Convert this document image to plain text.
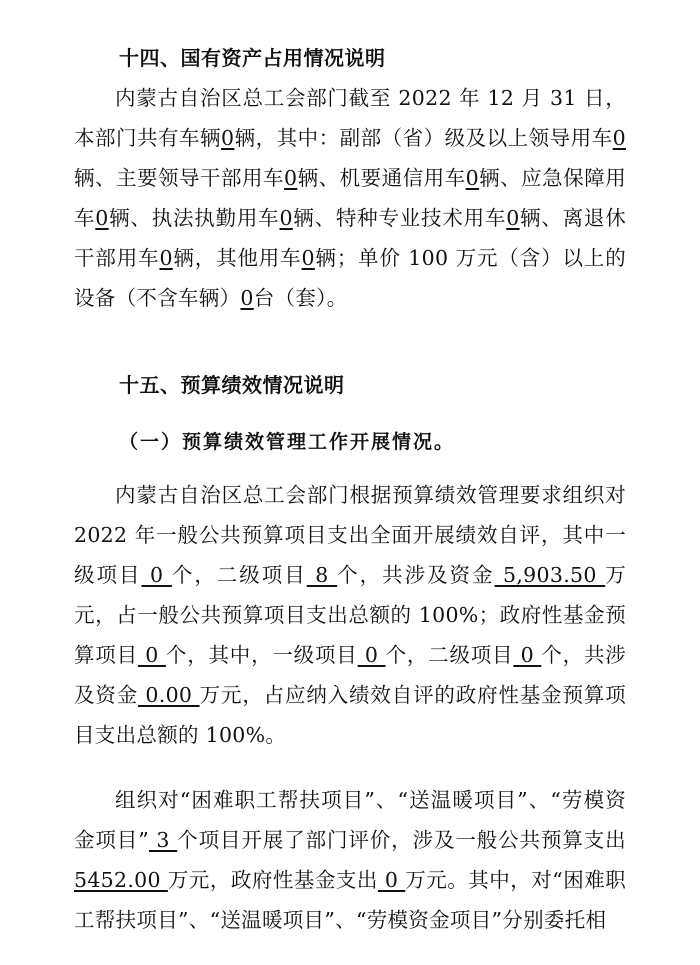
十四、国有资产占用情况说明

内蒙古自治区总工会部门截至 2022 年 12 月 31 日，本部门共有车辆0辆，其中：副部（省）级及以上领导用车0辆、主要领导干部用车0辆、机要通信用车0辆、应急保障用车0辆、执法执勤用车0辆、特种专业技术用车0辆、离退休干部用车0辆，其他用车0辆；单价 100 万元（含）以上的设备（不含车辆）0台（套）。

十五、预算绩效情况说明
（一）预算绩效管理工作开展情况。

内蒙古自治区总工会部门根据预算绩效管理要求组织对 2022 年一般公共预算项目支出全面开展绩效自评，其中一级项目 0 个，二级项目 8 个，共涉及资金 5,903.50 万元，占一般公共预算项目支出总额的 100%；政府性基金预算项目 0 个，其中，一级项目 0 个，二级项目 0 个，共涉及资金 0.00 万元，占应纳入绩效自评的政府性基金预算项目支出总额的 100%。

组织对“困难职工帮扶项目”、“送温暖项目”、“劳模资金项目” 3 个项目开展了部门评价，涉及一般公共预算支出 5452.00 万元，政府性基金支出 0 万元。其中，对“困难职工帮扶项目”、“送温暖项目”、“劳模资金项目”分别委托相
